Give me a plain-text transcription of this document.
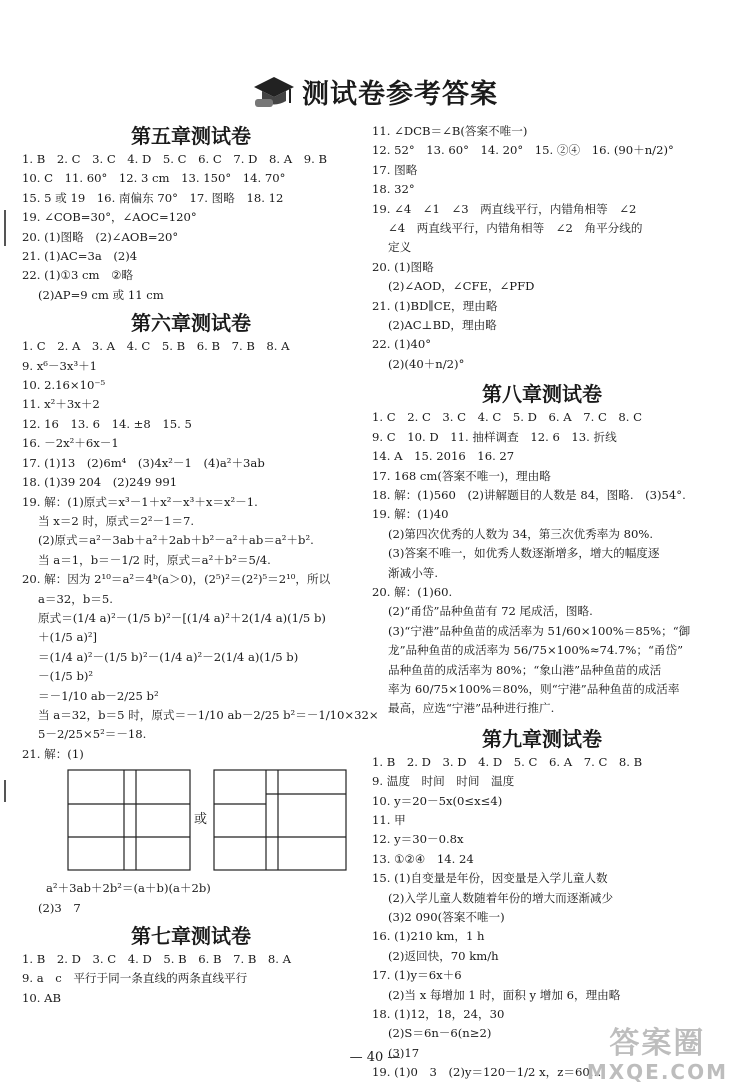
测试卷参考答案
第五章测试卷
1. B　2. C　3. C　4. D　5. C　6. C　7. D　8. A　9. B
10. C　11. 60°　12. 3 cm　13. 150°　14. 70°
15. 5 或 19　16. 南偏东 70°　17. 图略　18. 12
19. ∠COB=30°，∠AOC=120°
20. (1)图略　(2)∠AOB=20°
21. (1)AC=3a　(2)4
22. (1)①3 cm　②略
(2)AP=9 cm 或 11 cm
第六章测试卷
1. C　2. A　3. A　4. C　5. B　6. B　7. B　8. A
9. x⁶－3x³＋1
10. 2.16×10⁻⁵
11. x²＋3x＋2
12. 16　13. 6　14. ±8　15. 5
16. －2x²＋6x－1
17. (1)13　(2)6m⁴　(3)4x²－1　(4)a²＋3ab
18. (1)39 204　(2)249 991
19. 解：(1)原式＝x³－1＋x²－x³＋x＝x²－1.
当 x＝2 时，原式＝2²－1＝7.
(2)原式＝a²－3ab＋a²＋2ab＋b²－a²＋ab＝a²＋b².
当 a＝1，b＝－1/2 时，原式＝a²＋b²＝5/4.
20. 解：因为 2¹⁰＝a²＝4ᵇ(a＞0)，(2⁵)²＝(2²)⁵＝2¹⁰，所以
a＝32，b＝5.
原式＝(1/4 a)²－(1/5 b)²－[(1/4 a)²＋2(1/4 a)(1/5 b)
＋(1/5 a)²]
＝(1/4 a)²－(1/5 b)²－(1/4 a)²－2(1/4 a)(1/5 b)
－(1/5 b)²
＝－1/10 ab－2/25 b²
当 a＝32，b＝5 时，原式＝－1/10 ab－2/25 b²＝－1/10×32×
5－2/25×5²＝－18.
21. 解：(1)
或
a²＋3ab＋2b²＝(a＋b)(a＋2b)
(2)3　7
第七章测试卷
1. B　2. D　3. C　4. D　5. B　6. B　7. B　8. A
9. a　c　平行于同一条直线的两条直线平行
10. AB
11. ∠DCB＝∠B(答案不唯一)
12. 52°　13. 60°　14. 20°　15. ②④　16. (90＋n/2)°
17. 图略
18. 32°
19. ∠4　∠1　∠3　两直线平行，内错角相等　∠2
∠4　两直线平行，内错角相等　∠2　角平分线的
定义
20. (1)图略
(2)∠AOD，∠CFE，∠PFD
21. (1)BD∥CE，理由略
(2)AC⊥BD，理由略
22. (1)40°
(2)(40＋n/2)°
第八章测试卷
1. C　2. C　3. C　4. C　5. D　6. A　7. C　8. C
9. C　10. D　11. 抽样调查　12. 6　13. 折线
14. A　15. 2016　16. 27
17. 168 cm(答案不唯一)，理由略
18. 解：(1)560　(2)讲解题目的人数是 84，图略.　(3)54°.
19. 解：(1)40
(2)第四次优秀的人数为 34，第三次优秀率为 80%.
(3)答案不唯一，如优秀人数逐渐增多，增大的幅度逐
渐减小等.
20. 解：(1)60.
(2)“甬岱”品种鱼苗有 72 尾成活，图略.
(3)“宁港”品种鱼苗的成活率为 51/60×100%＝85%；“御
龙”品种鱼苗的成活率为 56/75×100%≈74.7%；“甬岱”
品种鱼苗的成活率为 80%；“象山港”品种鱼苗的成活
率为 60/75×100%＝80%，则“宁港”品种鱼苗的成活率
最高，应选“宁港”品种进行推广.
第九章测试卷
1. B　2. D　3. D　4. D　5. C　6. A　7. C　8. B
9. 温度　时间　时间　温度
10. y＝20－5x(0≤x≤4)
11. 甲
12. y＝30－0.8x
13. ①②④　14. 24
15. (1)自变量是年份，因变量是入学儿童人数
(2)入学儿童人数随着年份的增大而逐渐减少
(3)2 090(答案不唯一)
16. (1)210 km，1 h
(2)返回快，70 km/h
17. (1)y＝6x＋6
(2)当 x 每增加 1 时，面积 y 增加 6，理由略
18. (1)12，18，24，30
(2)S＝6n－6(n≥2)
(3)17
19. (1)0　3　(2)y＝120－1/2 x，z＝60…
答案圈
MXQE.COM
— 40 —
